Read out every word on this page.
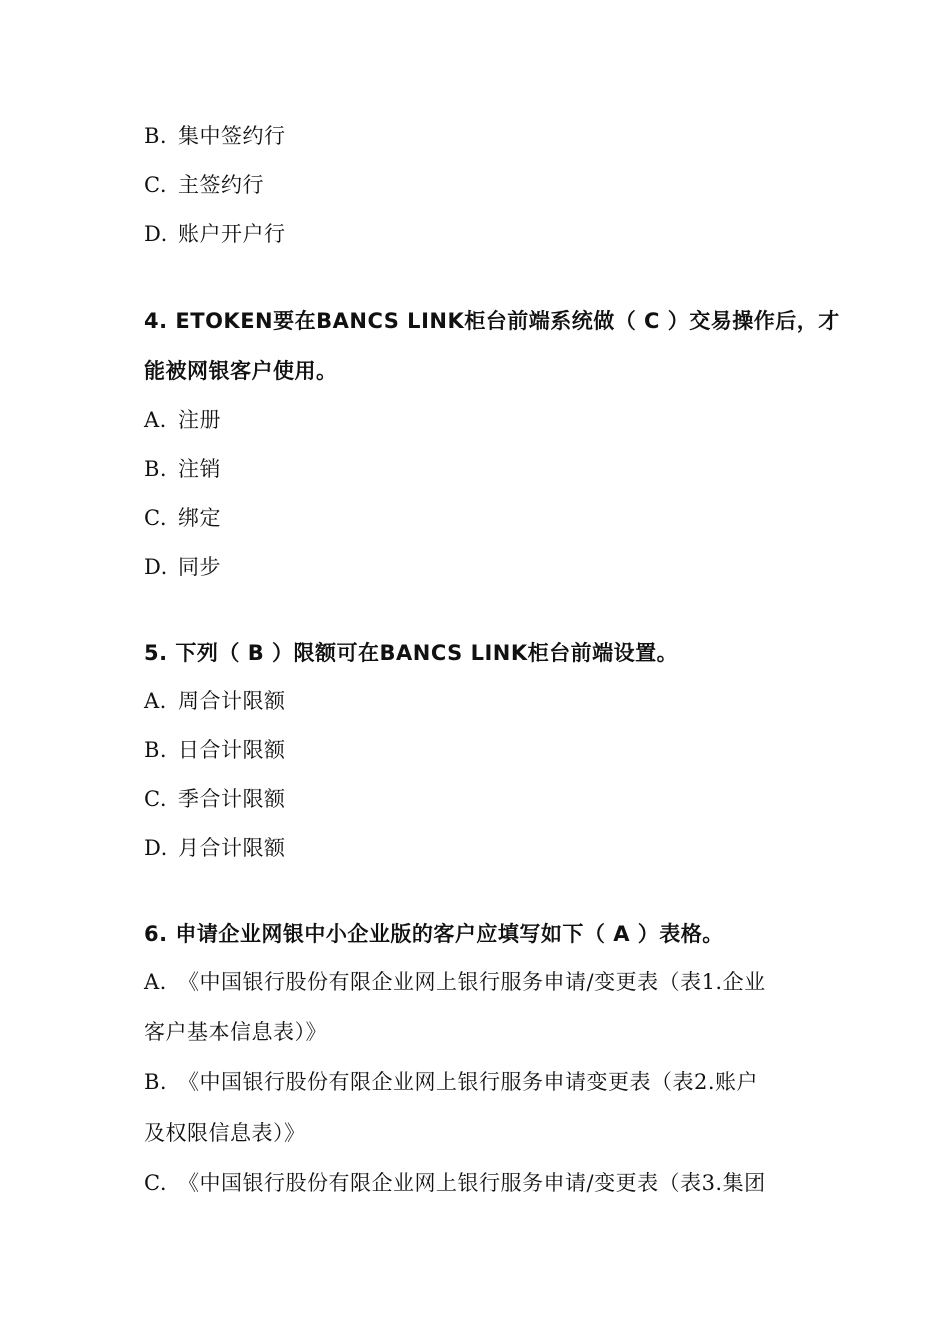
B. 集中签约行
C. 主签约行
D. 账户开户行
4. ETOKEN要在BANCS LINK柜台前端系统做（ C ）交易操作后，才
能被网银客户使用。
A. 注册
B. 注销
C. 绑定
D. 同步
5. 下列（ B ）限额可在BANCS LINK柜台前端设置。
A. 周合计限额
B. 日合计限额
C. 季合计限额
D. 月合计限额
6. 申请企业网银中小企业版的客户应填写如下（ A ）表格。
A. 《中国银行股份有限企业网上银行服务申请/变更表（表1.企业
客户基本信息表）》
B. 《中国银行股份有限企业网上银行服务申请变更表（表2.账户
及权限信息表）》
C. 《中国银行股份有限企业网上银行服务申请/变更表（表3.集团
